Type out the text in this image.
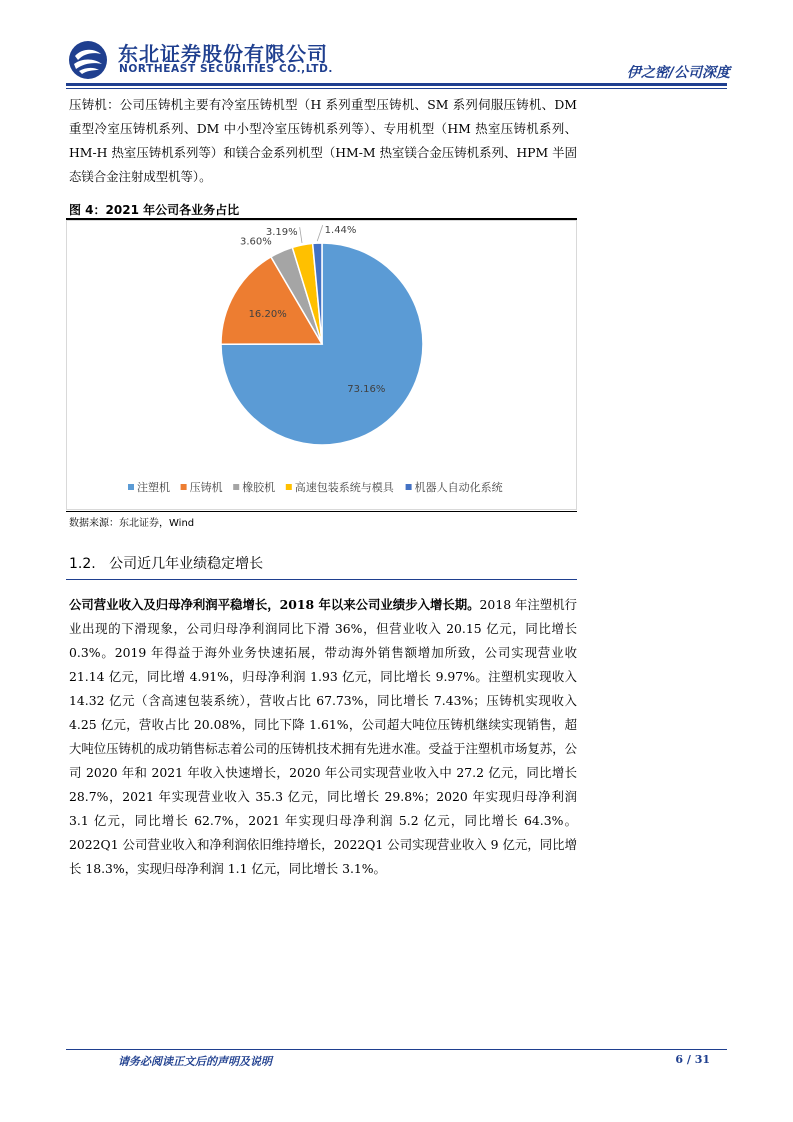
东北证券股份有限公司
NORTHEAST SECURITIES CO.,LTD.	伊之密/公司深度
压铸机：公司压铸机主要有冷室压铸机型（H 系列重型压铸机、SM 系列伺服压铸机、DM 重型冷室压铸机系列、DM 中小型冷室压铸机系列等）、专用机型（HM 热室压铸机系列、HM-H 热室压铸机系列等）和镁合金系列机型（HM-M 热室镁合金压铸机系列、HPM 半固态镁合金注射成型机等）。
图 4：2021 年公司各业务占比
73.16%
16.20%
3.60%
3.19%	1.44%
注塑机 压铸机 橡胶机 高速包装系统与模具 机器人自动化系统
数据来源：东北证券，Wind
1.2. 公司近几年业绩稳定增长
公司营业收入及归母净利润平稳增长，2018 年以来公司业绩步入增长期。2018 年注塑机行业出现的下滑现象，公司归母净利润同比下滑 36%，但营业收入 20.15 亿元，同比增长 0.3%。2019 年得益于海外业务快速拓展，带动海外销售额增加所致，公司实现营业收 21.14 亿元，同比增 4.91%，归母净利润 1.93 亿元，同比增长 9.97%。注塑机实现收入 14.32 亿元（含高速包装系统），营收占比 67.73%，同比增长 7.43%；压铸机实现收入 4.25 亿元，营收占比 20.08%，同比下降 1.61%，公司超大吨位压铸机继续实现销售，超大吨位压铸机的成功销售标志着公司的压铸机技术拥有先进水准。受益于注塑机市场复苏，公司 2020 年和 2021 年收入快速增长，2020 年公司实现营业收入中 27.2 亿元，同比增长 28.7%，2021 年实现营业收入 35.3 亿元，同比增长 29.8%；2020 年实现归母净利润 3.1 亿元，同比增长 62.7%，2021 年实现归母净利润 5.2 亿元，同比增长 64.3%。2022Q1 公司营业收入和净利润依旧维持增长，2022Q1 公司实现营业收入 9 亿元，同比增长 18.3%，实现归母净利润 1.1 亿元，同比增长 3.1%。
请务必阅读正文后的声明及说明	6 / 31
